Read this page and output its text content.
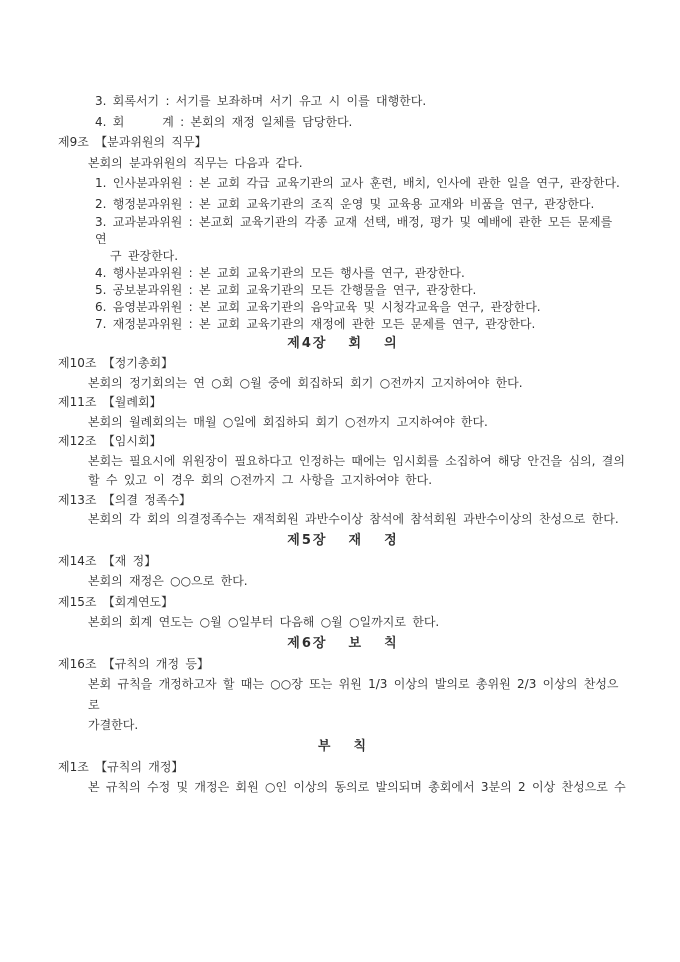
3. 회록서기 : 서기를 보좌하며 서기 유고 시 이를 대행한다.

4. 회      계 : 본회의 재정 일체를 담당한다.

제9조 【분과위원의 직무】

본회의 분과위원의 직무는 다음과 같다.

1. 인사분과위원 : 본 교회 각급 교육기관의 교사 훈련, 배치, 인사에 관한 일을 연구, 관장한다.

2. 행정분과위원 : 본 교회 교육기관의 조직 운영 및 교육용 교재와 비품을 연구, 관장한다.

3. 교과분과위원 : 본교회 교육기관의 각종 교재 선택, 배정, 평가 및 예배에 관한 모든 문제를 연

구 관장한다.

4. 행사분과위원 : 본 교회 교육기관의 모든 행사를 연구, 관장한다.

5. 공보분과위원 : 본 교회 교육기관의 모든 간행물을 연구, 관장한다.

6. 음영분과위원 : 본 교회 교육기관의 음악교육 및 시청각교육을 연구, 관장한다.

7. 재정분과위원 : 본 교회 교육기관의 재정에 관한 모든 문제를 연구, 관장한다.

제4장  회  의

제10조 【정기총회】

본회의 정기회의는 연 ○회 ○월 중에 회집하되 회기 ○전까지 고지하여야 한다.

제11조 【월례회】

본회의 월례회의는 매월 ○일에 회집하되 회기 ○전까지 고지하여야 한다.

제12조 【임시회】

본회는 필요시에 위원장이 필요하다고 인정하는 때에는 임시회를 소집하여 해당 안건을 심의, 결의

할 수 있고 이 경우 회의 ○전까지 그 사항을 고지하여야 한다.

제13조 【의결 정족수】

본회의 각 회의 의결정족수는 재적회원 과반수이상 참석에 참석회원 과반수이상의 찬성으로 한다.

제5장  재  정

제14조 【재 정】

본회의 재정은 ○○으로 한다.

제15조 【회계연도】

본회의 회계 연도는 ○월 ○일부터 다음해 ○월 ○일까지로 한다.

제6장  보  칙

제16조 【규칙의 개정 등】

본회 규칙을 개정하고자 할 때는 ○○장 또는 위원 1/3 이상의 발의로 총위원 2/3 이상의 찬성으로

가결한다.

부  칙

제1조 【규칙의 개정】

본 규칙의 수정 및 개정은 회원 ○인 이상의 동의로 발의되며 총회에서 3분의 2 이상 찬성으로 수
